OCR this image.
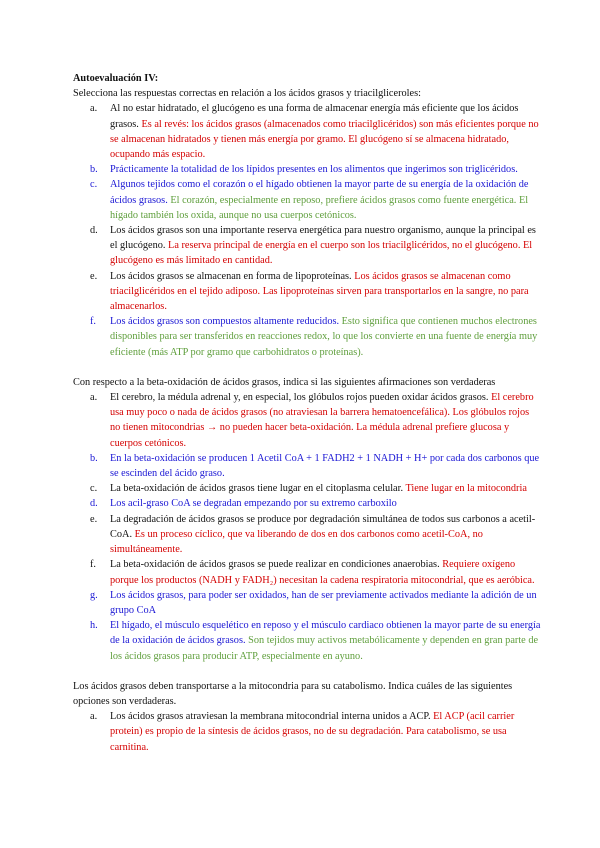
Autoevaluación IV:

Selecciona las respuestas correctas en relación a los ácidos grasos y triacilgliceroles:

a. Al no estar hidratado, el glucógeno es una forma de almacenar energía más eficiente que los ácidos grasos. Es al revés: los ácidos grasos (almacenados como triacilglicéridos) son más eficientes porque no se almacenan hidratados y tienen más energía por gramo. El glucógeno sí se almacena hidratado, ocupando más espacio.
b. Prácticamente la totalidad de los lípidos presentes en los alimentos que ingerimos son triglicéridos.
c. Algunos tejidos como el corazón o el hígado obtienen la mayor parte de su energía de la oxidación de ácidos grasos. El corazón, especialmente en reposo, prefiere ácidos grasos como fuente energética. El hígado también los oxida, aunque no usa cuerpos cetónicos.
d. Los ácidos grasos son una importante reserva energética para nuestro organismo, aunque la principal es el glucógeno. La reserva principal de energía en el cuerpo son los triacilglicéridos, no el glucógeno. El glucógeno es más limitado en cantidad.
e. Los ácidos grasos se almacenan en forma de lipoproteínas. Los ácidos grasos se almacenan como triacilglicéridos en el tejido adiposo. Las lipoproteínas sirven para transportarlos en la sangre, no para almacenarlos.
f. Los ácidos grasos son compuestos altamente reducidos. Esto significa que contienen muchos electrones disponibles para ser transferidos en reacciones redox, lo que los convierte en una fuente de energía muy eficiente (más ATP por gramo que carbohidratos o proteínas).

Con respecto a la beta-oxidación de ácidos grasos, indica si las siguientes afirmaciones son verdaderas

a. El cerebro, la médula adrenal y, en especial, los glóbulos rojos pueden oxidar ácidos grasos. El cerebro usa muy poco o nada de ácidos grasos (no atraviesan la barrera hematoencefálica). Los glóbulos rojos no tienen mitocondrias → no pueden hacer beta-oxidación. La médula adrenal prefiere glucosa y cuerpos cetónicos.
b. En la beta-oxidación se producen 1 Acetil CoA + 1 FADH2 + 1 NADH + H+ por cada dos carbonos que se escinden del ácido graso.
c. La beta-oxidación de ácidos grasos tiene lugar en el citoplasma celular. Tiene lugar en la mitocondria
d. Los acil-graso CoA se degradan empezando por su extremo carboxilo
e. La degradación de ácidos grasos se produce por degradación simultánea de todos sus carbonos a acetil-CoA. Es un proceso cíclico, que va liberando de dos en dos carbonos como acetil-CoA, no simultáneamente.
f. La beta-oxidación de ácidos grasos se puede realizar en condiciones anaerobias. Requiere oxígeno porque los productos (NADH y FADH₂) necesitan la cadena respiratoria mitocondrial, que es aeróbica.
g. Los ácidos grasos, para poder ser oxidados, han de ser previamente activados mediante la adición de un grupo CoA
h. El hígado, el músculo esquelético en reposo y el músculo cardiaco obtienen la mayor parte de su energía de la oxidación de ácidos grasos. Son tejidos muy activos metabólicamente y dependen en gran parte de los ácidos grasos para producir ATP, especialmente en ayuno.

Los ácidos grasos deben transportarse a la mitocondria para su catabolismo. Indica cuáles de las siguientes opciones son verdaderas.

a. Los ácidos grasos atraviesan la membrana mitocondrial interna unidos a ACP. El ACP (acil carrier protein) es propio de la síntesis de ácidos grasos, no de su degradación. Para catabolismo, se usa carnitina.
